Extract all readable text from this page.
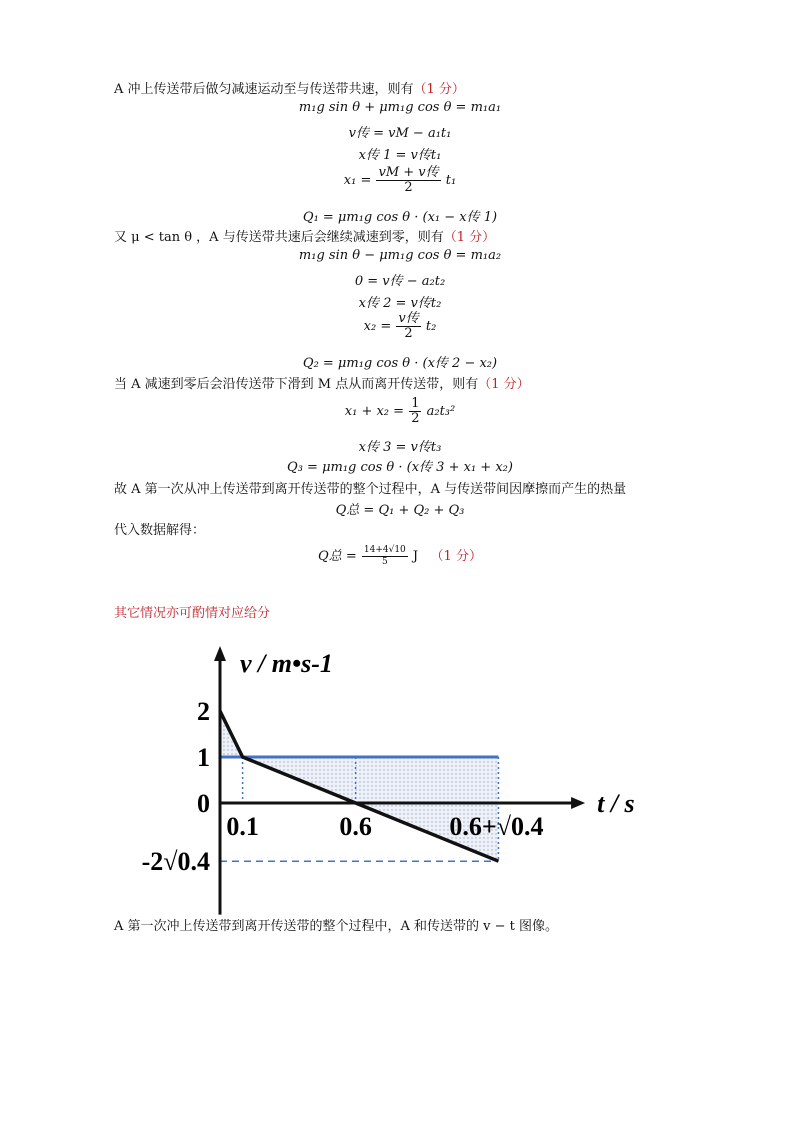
A 冲上传送带后做匀减速运动至与传送带共速，则有（1 分）
m₁g sin θ + μm₁g cos θ = m₁a₁
v传 = vM − a₁t₁
x传 1 = v传t₁
$x_1 = \frac{\text{vM + v传}}{2} t_1$
Q₁ = μm₁g cos θ · (x₁ − x传 1)
又 μ < tan θ ，A 与传送带共速后会继续减速到零，则有（1 分）
m₁g sin θ − μm₁g cos θ = m₁a₂
0 = v传 − a₂t₂
x传 2 = v传t₂
$x_2 = \frac{\text{v传}}{2} t_2$
Q₂ = μm₁g cos θ · (x传 2 − x₂)
当 A 减速到零后会沿传送带下滑到 M 点从而离开传送带，则有（1 分）
$x_1 + x_2 = \frac{1}{2} a_2t_3^2$
x传 3 = v传t₃
Q₃ = μm₁g cos θ · (x传 3 + x₁ + x₂)
故 A 第一次从冲上传送带到离开传送带的整个过程中，A 与传送带间因摩擦而产生的热量
Q总 = Q₁ + Q₂ + Q₃
代入数据解得：
Q总 = $\frac{14+4√10}{5}$ J （1 分）
其它情况亦可酌情对应给分
v / m•s-1
t / s
2
1
0
-2√0.4
0.1	0.6	0.6+√0.4
A 第一次冲上传送带到离开传送带的整个过程中，A 和传送带的 v − t 图像。
